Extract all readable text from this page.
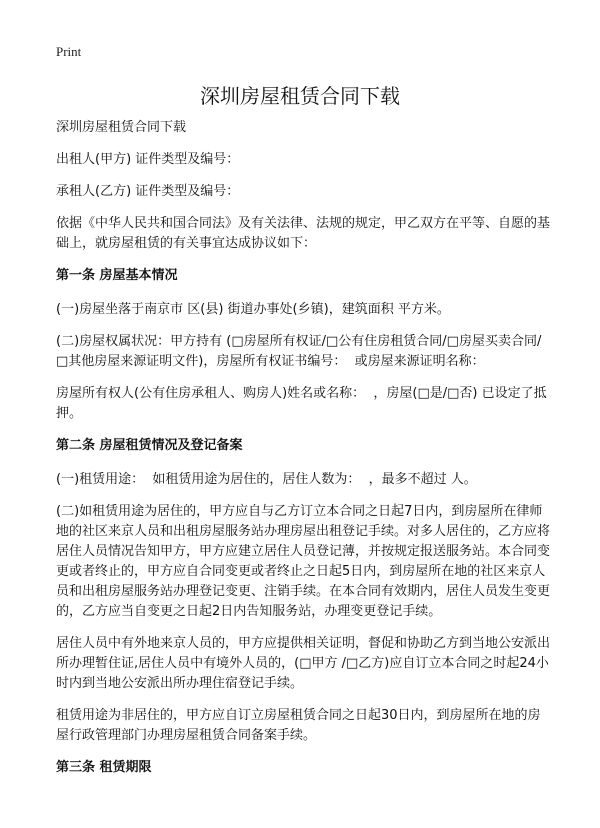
Print
深圳房屋租赁合同下载

深圳房屋租赁合同下载

出租人(甲方) 证件类型及编号：

承租人(乙方) 证件类型及编号：

依据《中华人民共和国合同法》及有关法律、法规的规定，甲乙双方在平等、自愿的基础上，就房屋租赁的有关事宜达成协议如下：

第一条 房屋基本情况

(一)房屋坐落于南京市 区(县) 街道办事处(乡镇)，建筑面积 平方米。

(二)房屋权属状况：甲方持有 (□房屋所有权证/□公有住房租赁合同/□房屋买卖合同/□其他房屋来源证明文件)，房屋所有权证书编号：  或房屋来源证明名称：

房屋所有权人(公有住房承租人、购房人)姓名或名称：  ，房屋(□是/□否) 已设定了抵押。

第二条 房屋租赁情况及登记备案

(一)租赁用途：  如租赁用途为居住的，居住人数为：  ，最多不超过 人。

(二)如租赁用途为居住的，甲方应自与乙方订立本合同之日起7日内，到房屋所在律师地的社区来京人员和出租房屋服务站办理房屋出租登记手续。对多人居住的，乙方应将居住人员情况告知甲方，甲方应建立居住人员登记薄，并按规定报送服务站。本合同变更或者终止的，甲方应自合同变更或者终止之日起5日内，到房屋所在地的社区来京人员和出租房屋服务站办理登记变更、注销手续。在本合同有效期内，居住人员发生变更的，乙方应当自变更之日起2日内告知服务站，办理变更登记手续。

居住人员中有外地来京人员的，甲方应提供相关证明，督促和协助乙方到当地公安派出所办理暂住证,居住人员中有境外人员的，(□甲方 /□乙方)应自订立本合同之时起24小时内到当地公安派出所办理住宿登记手续。

租赁用途为非居住的，甲方应自订立房屋租赁合同之日起30日内，到房屋所在地的房屋行政管理部门办理房屋租赁合同备案手续。

第三条 租赁期限
